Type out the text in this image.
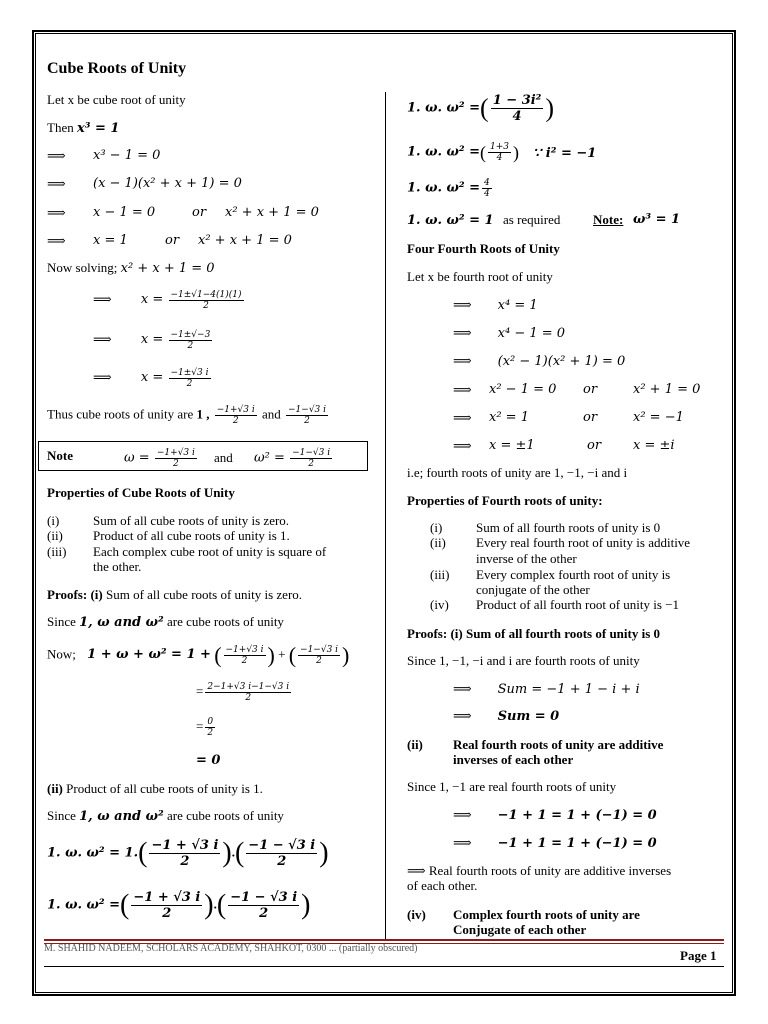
Cube Roots of Unity
Let x be cube root of unity
Then x³ = 1
⟹ x³ − 1 = 0
⟹ (x − 1)(x² + x + 1) = 0
⟹ x − 1 = 0	or x² + x + 1 = 0
⟹ x = 1	or x² + x + 1 = 0
Now solving; x² + x + 1 = 0
⟹ $x = \frac{-1\pm√1-4(1)(1)}{2}$
⟹ $x = \frac{-1\pm√-3}{2}$
⟹ $x = \frac{-1\pm√3 i}{2}$
Thus cube roots of unity are 1 , $\frac{-1+√3 i}{2}$ and $\frac{-1-√3 i}{2}$
Note	$\omega = \frac{-1+√3 i}{2}$ and $\omega^2 = \frac{-1-√3 i}{2}$
Properties of Cube Roots of Unity
(i)	Sum of all cube roots of unity is zero.
(ii) Product of all cube roots of unity is 1.
(iii) Each complex cube root of unity is square of
the other.
Proofs: (i) Sum of all cube roots of unity is zero.
Since 1, ω and ω² are cube roots of unity
Now; 1 + ω + ω² = 1 + ( $\frac{-1+√3 i}{2}$ ) + ( $\frac{-1-√3 i}{2}$ )
= $\frac{2-1+√3 i-1-√3 i}{2}$
= $\frac{0}{2}$
= 0
(ii) Product of all cube roots of unity is 1.
Since 1, ω and ω² are cube roots of unity
1. ω. $\omega^2 = 1.( \frac{-1 + √3 i}{2}$ ).( $\frac{-1 - √3 i}{2}$ )
1. ω. ω² =( $\frac{-1 + √3 i}{2}$ ).( $\frac{-1 - √3 i}{2}$ )
1. ω. ω² =( $\frac{\text{1 − 3i²}}{4}$ )
1. ω. ω² =( $\frac{1+3}{4}$ ) ∵ i² = −1
1. ω. $\omega^2 = \frac{4}{4}$
1. ω. ω² = 1 as required	Note: ω³ = 1
Four Fourth Roots of Unity
Let x be fourth root of unity
⟹ x⁴ = 1
⟹ x⁴ − 1 = 0
⟹ (x² − 1)(x² + 1) = 0
⟹ x² − 1 = 0 or	x² + 1 = 0
⟹ x² = 1	or	x² = −1
⟹ x = ±1	or x = ±i
i.e; fourth roots of unity are 1, −1, −i and i
Properties of Fourth roots of unity:
(i)	Sum of all fourth roots of unity is 0
(ii) Every real fourth root of unity is additive
inverse of the other
(iii) Every complex fourth root of unity is
conjugate of the other
(iv) Product of all fourth root of unity is −1
Proofs: (i) Sum of all fourth roots of unity is 0
Since 1, −1, −i and i are fourth roots of unity
⟹ Sum = −1 + 1 − i + i
⟹ Sum = 0
(ii) Real fourth roots of unity are additive
inverses of each other
Since 1, −1 are real fourth roots of unity
⟹ −1 + 1 = 1 + (−1) = 0
⟹ −1 + 1 = 1 + (−1) = 0
⟹ Real fourth roots of unity are additive inverses
of each other.
(iv) Complex fourth roots of unity are
Conjugate of each other
M. SHAHID NADEEM, SCHOLARS ACADEMY, SHAHKOT, 0300 ... (partially obscured)	Page 1
